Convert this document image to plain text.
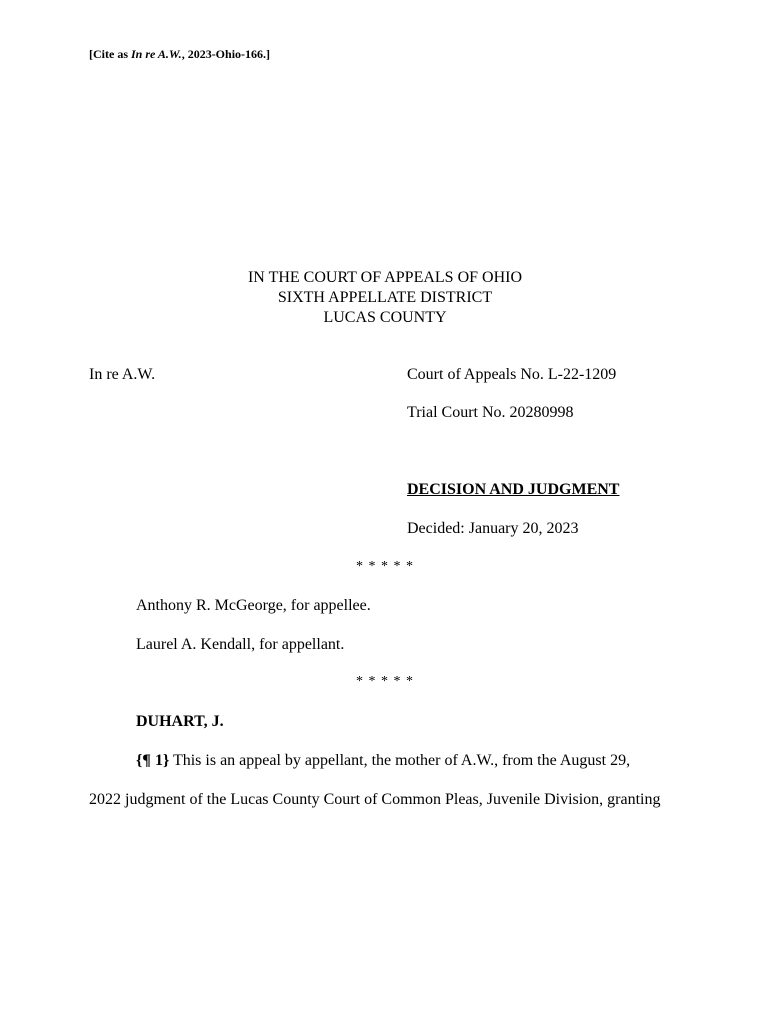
[Cite as In re A.W., 2023-Ohio-166.]
IN THE COURT OF APPEALS OF OHIO
SIXTH APPELLATE DISTRICT
LUCAS COUNTY
In re A.W.	Court of Appeals No. L-22-1209
Trial Court No. 20280998
DECISION AND JUDGMENT
Decided: January 20, 2023
* * * * *
Anthony R. McGeorge, for appellee.
Laurel A. Kendall, for appellant.
* * * * *
DUHART, J.
{¶ 1} This is an appeal by appellant, the mother of A.W., from the August 29,
2022 judgment of the Lucas County Court of Common Pleas, Juvenile Division, granting
